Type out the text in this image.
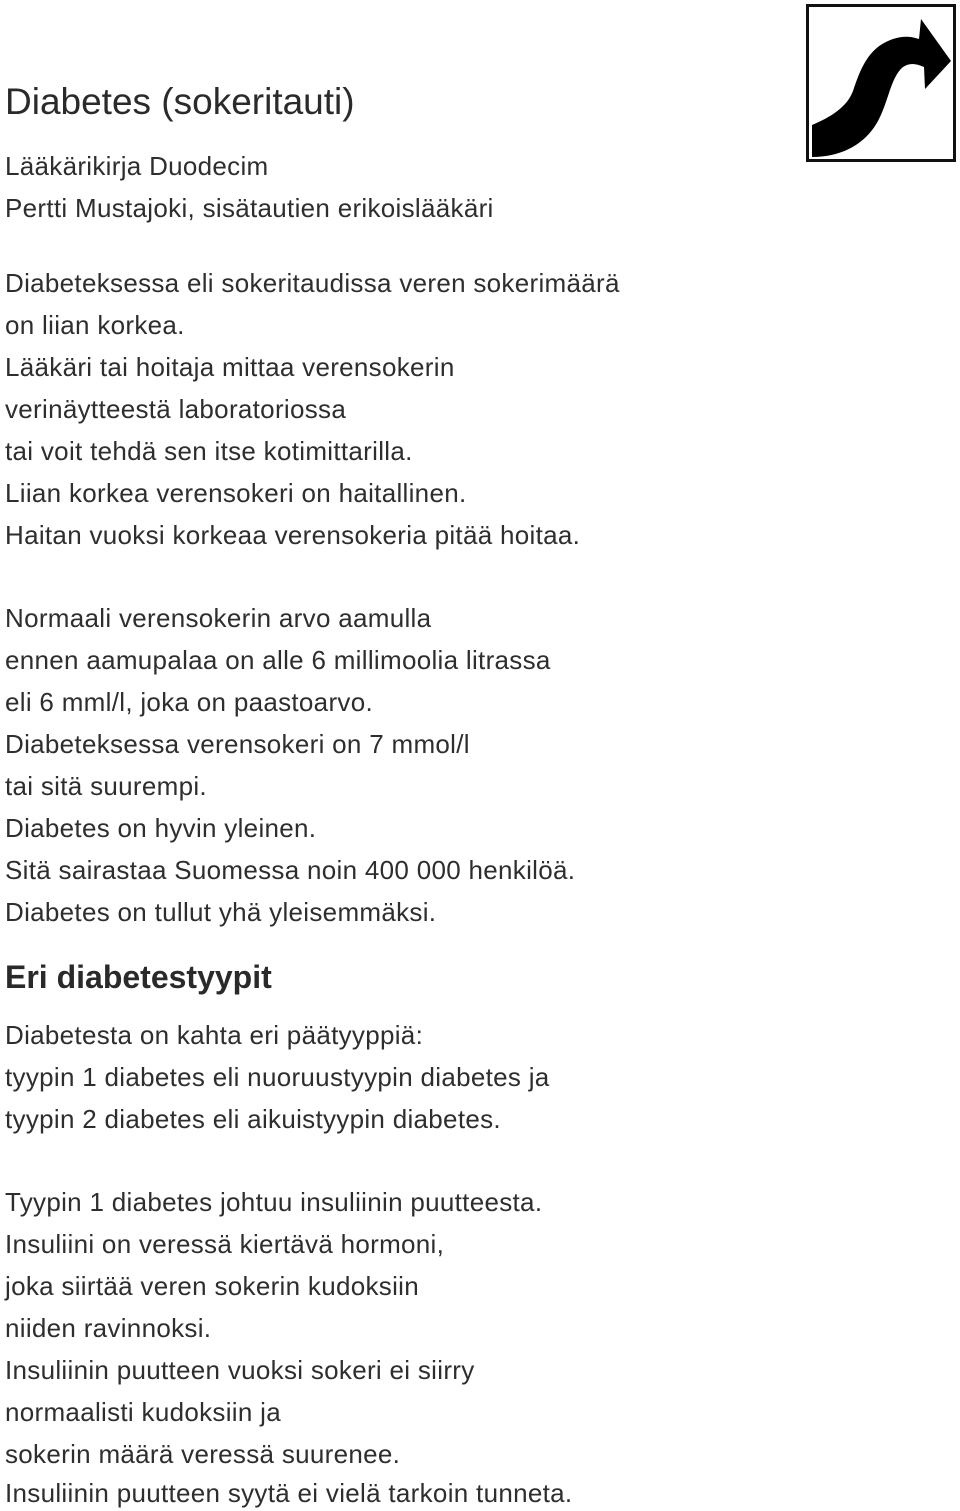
Diabetes (sokeritauti)
Lääkärikirja Duodecim
Pertti Mustajoki, sisätautien erikoislääkäri
Diabeteksessa eli sokeritaudissa veren sokerimäärä
on liian korkea.
Lääkäri tai hoitaja mittaa verensokerin
verinäytteestä laboratoriossa
tai voit tehdä sen itse kotimittarilla.
Liian korkea verensokeri on haitallinen.
Haitan vuoksi korkeaa verensokeria pitää hoitaa.
Normaali verensokerin arvo aamulla
ennen aamupalaa on alle 6 millimoolia litrassa
eli 6 mml/l, joka on paastoarvo.
Diabeteksessa verensokeri on 7 mmol/l
tai sitä suurempi.
Diabetes on hyvin yleinen.
Sitä sairastaa Suomessa noin 400 000 henkilöä.
Diabetes on tullut yhä yleisemmäksi.
Eri diabetestyypit
Diabetesta on kahta eri päätyyppiä:
tyypin 1 diabetes eli nuoruustyypin diabetes ja
tyypin 2 diabetes eli aikuistyypin diabetes.
Tyypin 1 diabetes johtuu insuliinin puutteesta.
Insuliini on veressä kiertävä hormoni,
joka siirtää veren sokerin kudoksiin
niiden ravinnoksi.
Insuliinin puutteen vuoksi sokeri ei siirry
normaalisti kudoksiin ja
sokerin määrä veressä suurenee.
Insuliinin puutteen syytä ei vielä tarkoin tunneta.
